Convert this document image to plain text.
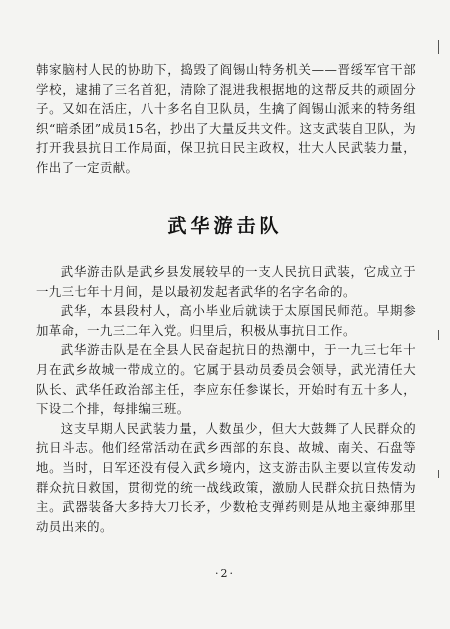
韩家脑村人民的协助下，捣毁了阎锡山特务机关——晋绥军官干部学校，逮捕了三名首犯，清除了混进我根据地的这帮反共的顽固分子。又如在活庄，八十多名自卫队员，生擒了阎锡山派来的特务组织“暗杀团”成员15名，抄出了大量反共文件。这支武装自卫队，为打开我县抗日工作局面，保卫抗日民主政权，壮大人民武装力量，作出了一定贡献。

武华游击队

武华游击队是武乡县发展较早的一支人民抗日武装，它成立于一九三七年十月间，是以最初发起者武华的名字名命的。

武华，本县段村人，高小毕业后就读于太原国民师范。早期参加革命，一九三二年入党。归里后，积极从事抗日工作。

武华游击队是在全县人民奋起抗日的热潮中，于一九三七年十月在武乡故城一带成立的。它属于县动员委员会领导，武光清任大队长、武华任政治部主任，李应东任参谋长，开始时有五十多人，下设二个排，每排编三班。

这支早期人民武装力量，人数虽少，但大大鼓舞了人民群众的抗日斗志。他们经常活动在武乡西部的东良、故城、南关、石盘等地。当时，日军还没有侵入武乡境内，这支游击队主要以宣传发动群众抗日救国，贯彻党的统一战线政策，激励人民群众抗日热情为主。武器装备大多持大刀长矛，少数枪支弹药则是从地主豪绅那里动员出来的。

·2·
